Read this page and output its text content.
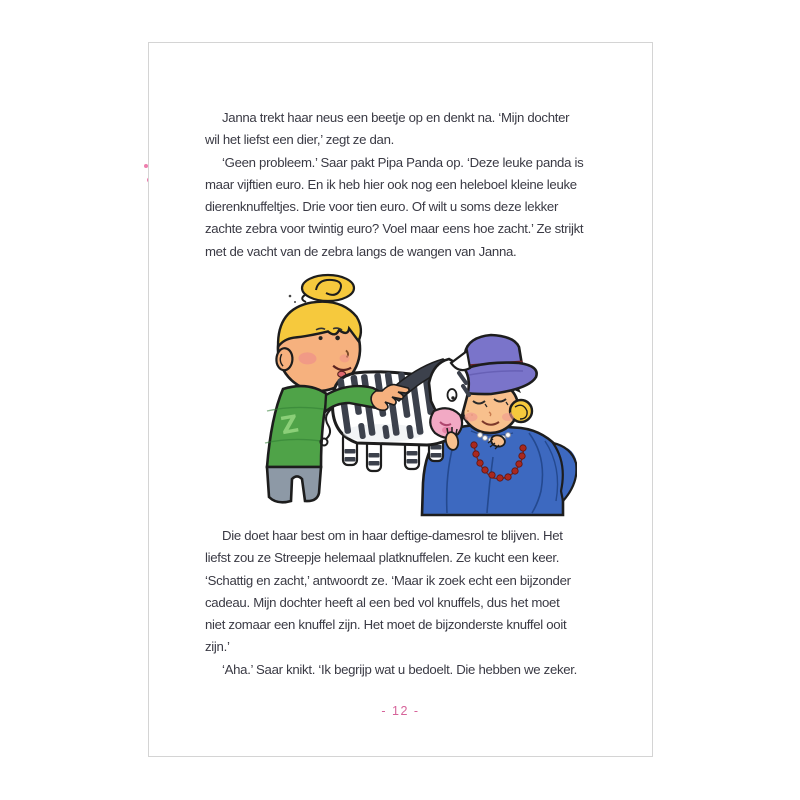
Janna trekt haar neus een beetje op en denkt na. ‘Mijn dochter
wil het liefst een dier,’ zegt ze dan.
‘Geen probleem.’ Saar pakt Pipa Panda op. ‘Deze leuke panda is
maar vijftien euro. En ik heb hier ook nog een heleboel kleine leuke
dierenknuffeltjes. Drie voor tien euro. Of wilt u soms deze lekker
zachte zebra voor twintig euro? Voel maar eens hoe zacht.’ Ze strijkt
met de vacht van de zebra langs de wangen van Janna.
Z
Die doet haar best om in haar deftige-damesrol te blijven. Het
liefst zou ze Streepje helemaal platknuffelen. Ze kucht een keer.
‘Schattig en zacht,’ antwoordt ze. ‘Maar ik zoek echt een bijzonder
cadeau. Mijn dochter heeft al een bed vol knuffels, dus het moet
niet zomaar een knuffel zijn. Het moet de bijzonderste knuffel ooit
zijn.’
‘Aha.’ Saar knikt. ‘Ik begrijp wat u bedoelt. Die hebben we zeker.
- 12 -
